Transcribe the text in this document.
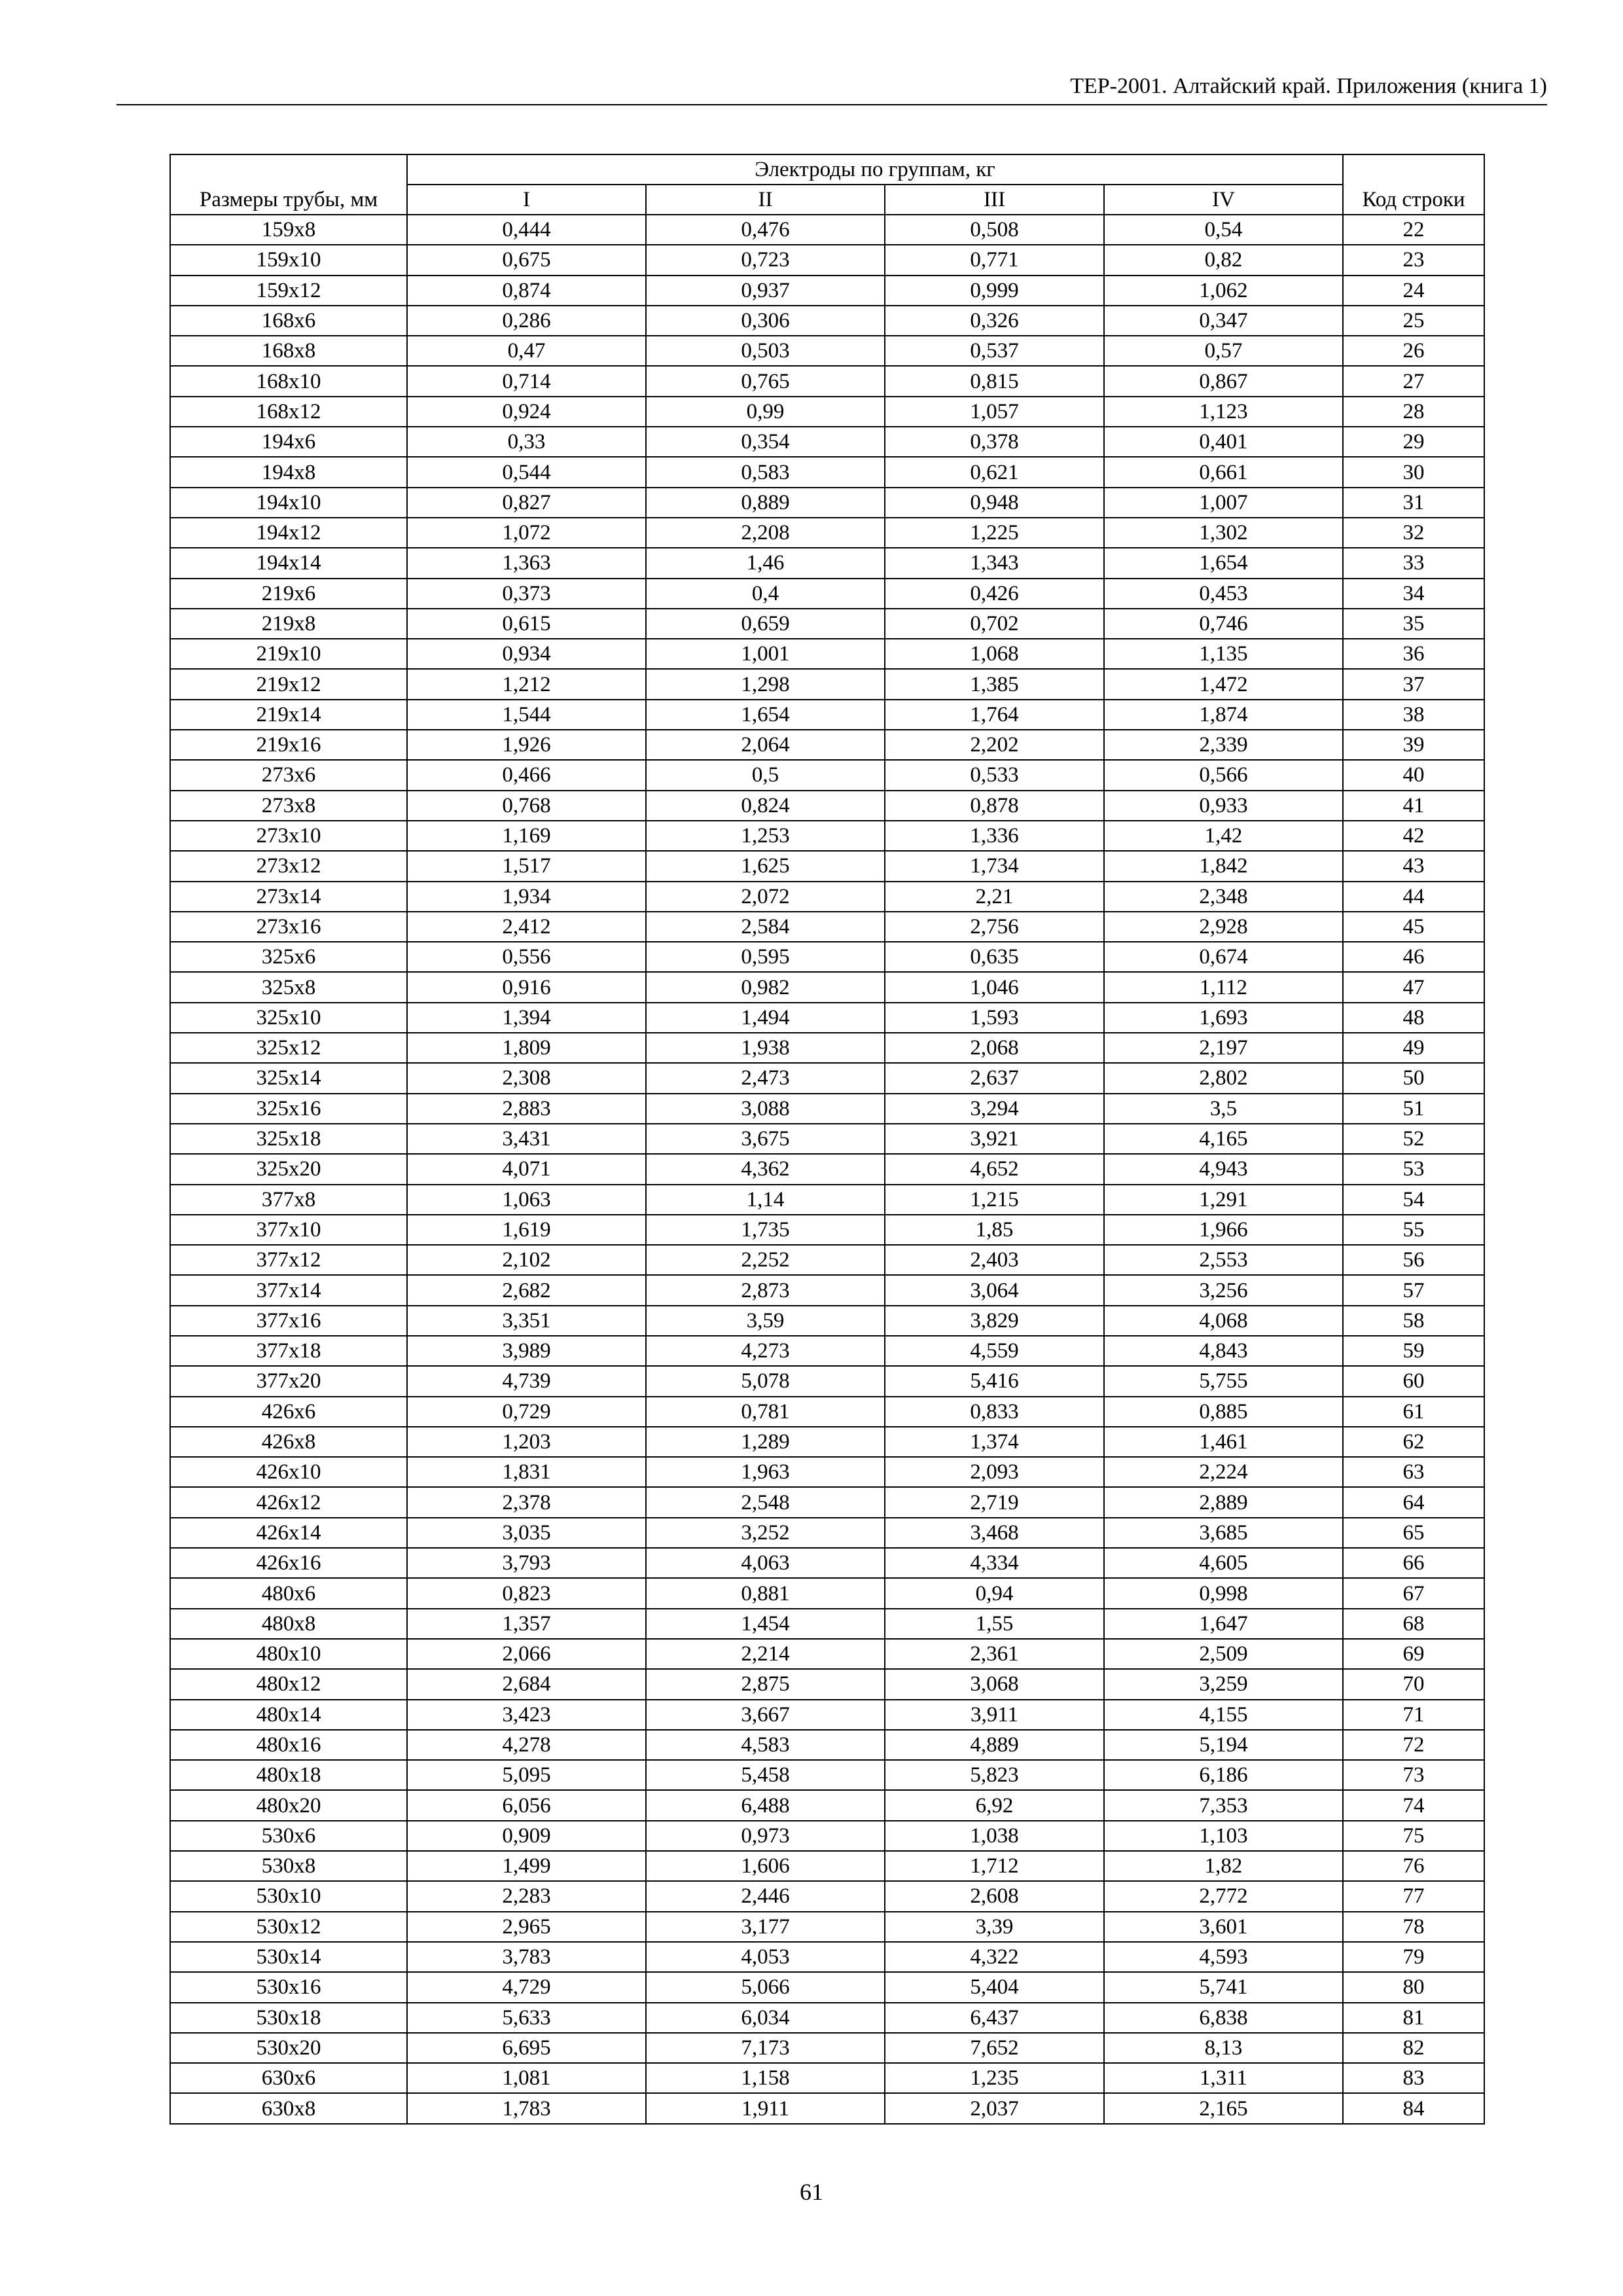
ТЕР-2001. Алтайский край. Приложения (книга 1)
Размеры трубы, мм	Электроды по группам, кг				Код строки
	I	II	III	IV	
159x8	0,444	0,476	0,508	0,54	22
159x10	0,675	0,723	0,771	0,82	23
159x12	0,874	0,937	0,999	1,062	24
168x6	0,286	0,306	0,326	0,347	25
168x8	0,47	0,503	0,537	0,57	26
168x10	0,714	0,765	0,815	0,867	27
168x12	0,924	0,99	1,057	1,123	28
194x6	0,33	0,354	0,378	0,401	29
194x8	0,544	0,583	0,621	0,661	30
194x10	0,827	0,889	0,948	1,007	31
194x12	1,072	2,208	1,225	1,302	32
194x14	1,363	1,46	1,343	1,654	33
219x6	0,373	0,4	0,426	0,453	34
219x8	0,615	0,659	0,702	0,746	35
219x10	0,934	1,001	1,068	1,135	36
219x12	1,212	1,298	1,385	1,472	37
219x14	1,544	1,654	1,764	1,874	38
219x16	1,926	2,064	2,202	2,339	39
273x6	0,466	0,5	0,533	0,566	40
273x8	0,768	0,824	0,878	0,933	41
273x10	1,169	1,253	1,336	1,42	42
273x12	1,517	1,625	1,734	1,842	43
273x14	1,934	2,072	2,21	2,348	44
273x16	2,412	2,584	2,756	2,928	45
325x6	0,556	0,595	0,635	0,674	46
325x8	0,916	0,982	1,046	1,112	47
325x10	1,394	1,494	1,593	1,693	48
325x12	1,809	1,938	2,068	2,197	49
325x14	2,308	2,473	2,637	2,802	50
325x16	2,883	3,088	3,294	3,5	51
325x18	3,431	3,675	3,921	4,165	52
325x20	4,071	4,362	4,652	4,943	53
377x8	1,063	1,14	1,215	1,291	54
377x10	1,619	1,735	1,85	1,966	55
377x12	2,102	2,252	2,403	2,553	56
377x14	2,682	2,873	3,064	3,256	57
377x16	3,351	3,59	3,829	4,068	58
377x18	3,989	4,273	4,559	4,843	59
377x20	4,739	5,078	5,416	5,755	60
426x6	0,729	0,781	0,833	0,885	61
426x8	1,203	1,289	1,374	1,461	62
426x10	1,831	1,963	2,093	2,224	63
426x12	2,378	2,548	2,719	2,889	64
426x14	3,035	3,252	3,468	3,685	65
426x16	3,793	4,063	4,334	4,605	66
480x6	0,823	0,881	0,94	0,998	67
480x8	1,357	1,454	1,55	1,647	68
480x10	2,066	2,214	2,361	2,509	69
480x12	2,684	2,875	3,068	3,259	70
480x14	3,423	3,667	3,911	4,155	71
480x16	4,278	4,583	4,889	5,194	72
480x18	5,095	5,458	5,823	6,186	73
480x20	6,056	6,488	6,92	7,353	74
530x6	0,909	0,973	1,038	1,103	75
530x8	1,499	1,606	1,712	1,82	76
530x10	2,283	2,446	2,608	2,772	77
530x12	2,965	3,177	3,39	3,601	78
530x14	3,783	4,053	4,322	4,593	79
530x16	4,729	5,066	5,404	5,741	80
530x18	5,633	6,034	6,437	6,838	81
530x20	6,695	7,173	7,652	8,13	82
630x6	1,081	1,158	1,235	1,311	83
630x8	1,783	1,911	2,037	2,165	84
61
